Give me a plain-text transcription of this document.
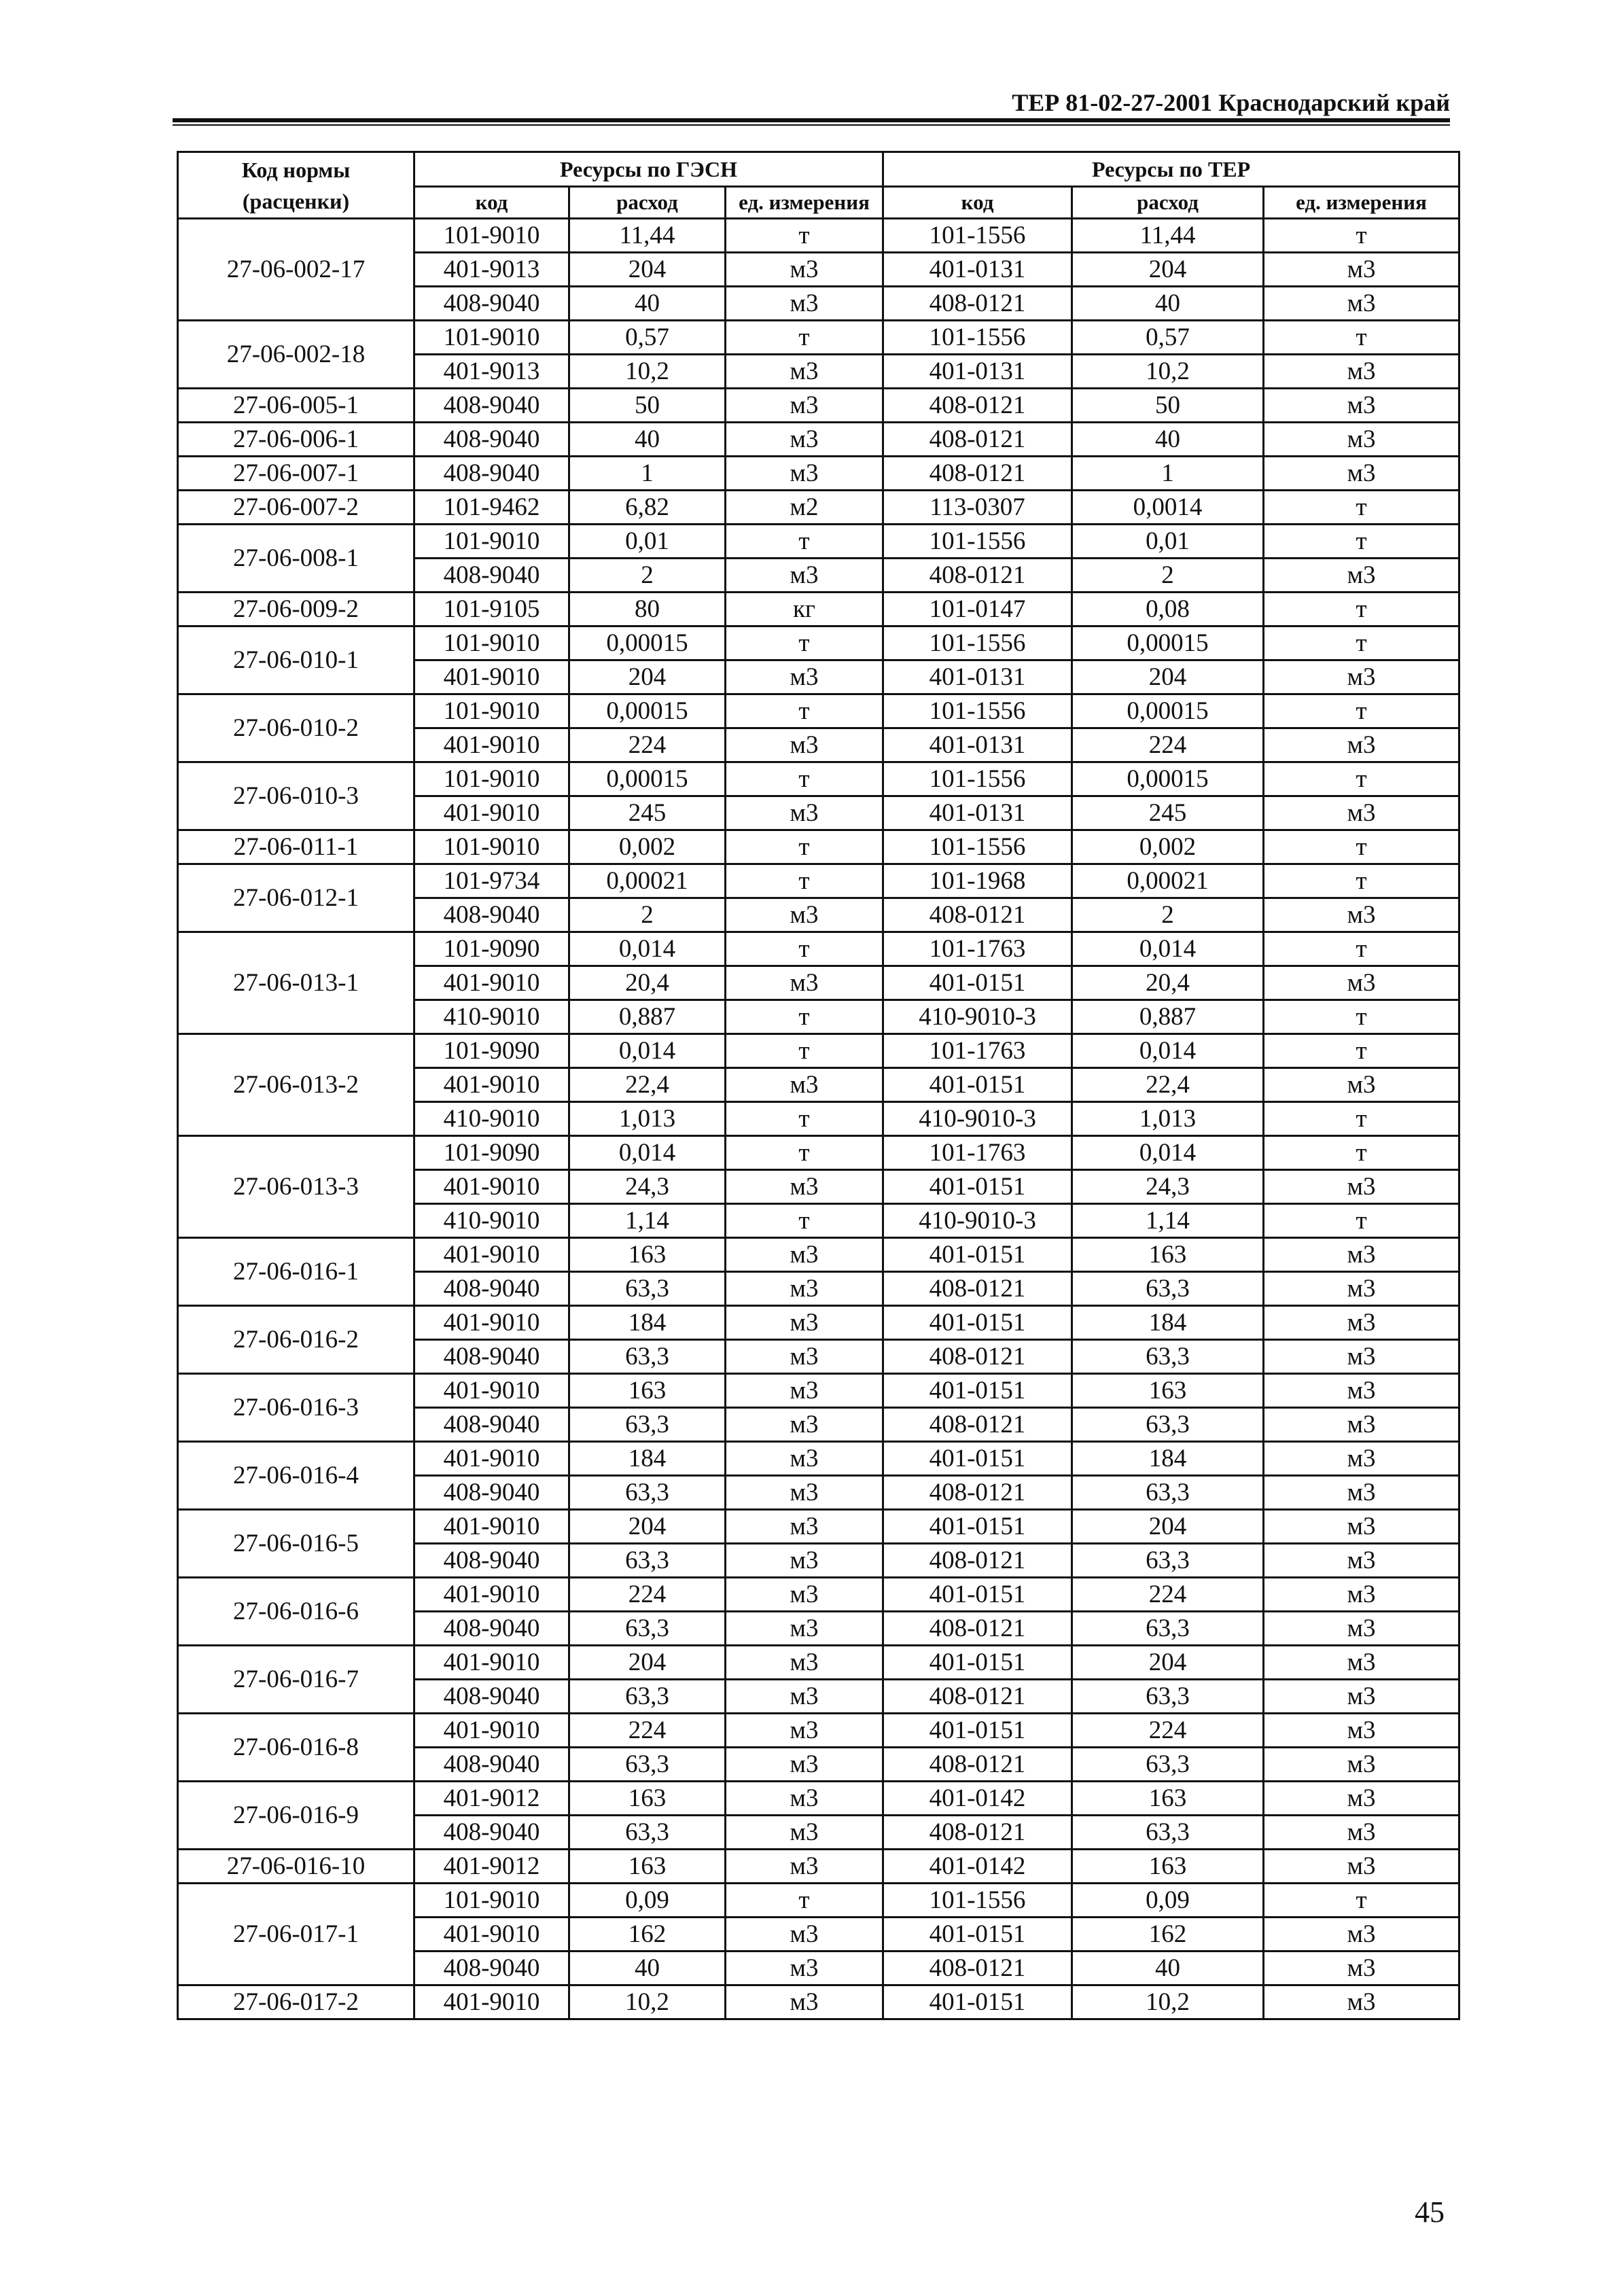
ТЕР 81-02-27-2001 Краснодарский край
Код нормы
(расценки)	Ресурсы по ГЭСН			Ресурсы по ТЕР		
	код	расход	ед. измерения	код	расход	ед. измерения
27-06-002-17	101-9010	11,44	т	101-1556	11,44	т
	401-9013	204	м3	401-0131	204	м3
	408-9040	40	м3	408-0121	40	м3
27-06-002-18	101-9010	0,57	т	101-1556	0,57	т
	401-9013	10,2	м3	401-0131	10,2	м3
27-06-005-1	408-9040	50	м3	408-0121	50	м3
27-06-006-1	408-9040	40	м3	408-0121	40	м3
27-06-007-1	408-9040	1	м3	408-0121	1	м3
27-06-007-2	101-9462	6,82	м2	113-0307	0,0014	т
27-06-008-1	101-9010	0,01	т	101-1556	0,01	т
	408-9040	2	м3	408-0121	2	м3
27-06-009-2	101-9105	80	кг	101-0147	0,08	т
27-06-010-1	101-9010	0,00015	т	101-1556	0,00015	т
	401-9010	204	м3	401-0131	204	м3
27-06-010-2	101-9010	0,00015	т	101-1556	0,00015	т
	401-9010	224	м3	401-0131	224	м3
27-06-010-3	101-9010	0,00015	т	101-1556	0,00015	т
	401-9010	245	м3	401-0131	245	м3
27-06-011-1	101-9010	0,002	т	101-1556	0,002	т
27-06-012-1	101-9734	0,00021	т	101-1968	0,00021	т
	408-9040	2	м3	408-0121	2	м3
27-06-013-1	101-9090	0,014	т	101-1763	0,014	т
	401-9010	20,4	м3	401-0151	20,4	м3
	410-9010	0,887	т	410-9010-3	0,887	т
27-06-013-2	101-9090	0,014	т	101-1763	0,014	т
	401-9010	22,4	м3	401-0151	22,4	м3
	410-9010	1,013	т	410-9010-3	1,013	т
27-06-013-3	101-9090	0,014	т	101-1763	0,014	т
	401-9010	24,3	м3	401-0151	24,3	м3
	410-9010	1,14	т	410-9010-3	1,14	т
27-06-016-1	401-9010	163	м3	401-0151	163	м3
	408-9040	63,3	м3	408-0121	63,3	м3
27-06-016-2	401-9010	184	м3	401-0151	184	м3
	408-9040	63,3	м3	408-0121	63,3	м3
27-06-016-3	401-9010	163	м3	401-0151	163	м3
	408-9040	63,3	м3	408-0121	63,3	м3
27-06-016-4	401-9010	184	м3	401-0151	184	м3
	408-9040	63,3	м3	408-0121	63,3	м3
27-06-016-5	401-9010	204	м3	401-0151	204	м3
	408-9040	63,3	м3	408-0121	63,3	м3
27-06-016-6	401-9010	224	м3	401-0151	224	м3
	408-9040	63,3	м3	408-0121	63,3	м3
27-06-016-7	401-9010	204	м3	401-0151	204	м3
	408-9040	63,3	м3	408-0121	63,3	м3
27-06-016-8	401-9010	224	м3	401-0151	224	м3
	408-9040	63,3	м3	408-0121	63,3	м3
27-06-016-9	401-9012	163	м3	401-0142	163	м3
	408-9040	63,3	м3	408-0121	63,3	м3
27-06-016-10	401-9012	163	м3	401-0142	163	м3
27-06-017-1	101-9010	0,09	т	101-1556	0,09	т
	401-9010	162	м3	401-0151	162	м3
	408-9040	40	м3	408-0121	40	м3
27-06-017-2	401-9010	10,2	м3	401-0151	10,2	м3
45
